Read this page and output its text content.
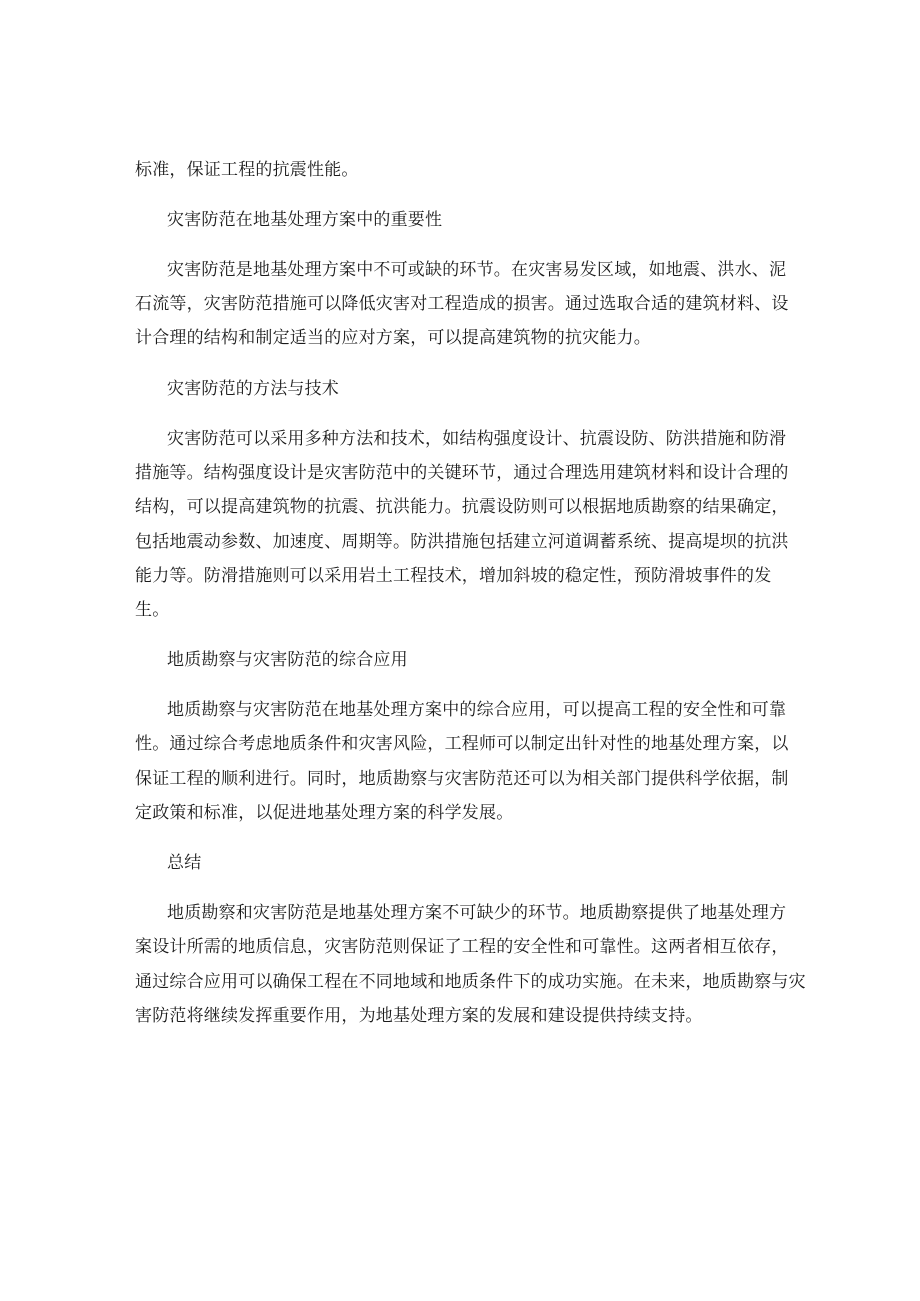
标准，保证工程的抗震性能。
灾害防范在地基处理方案中的重要性
灾害防范是地基处理方案中不可或缺的环节。在灾害易发区域，如地震、洪水、泥
石流等，灾害防范措施可以降低灾害对工程造成的损害。通过选取合适的建筑材料、设
计合理的结构和制定适当的应对方案，可以提高建筑物的抗灾能力。
灾害防范的方法与技术
灾害防范可以采用多种方法和技术，如结构强度设计、抗震设防、防洪措施和防滑
措施等。结构强度设计是灾害防范中的关键环节，通过合理选用建筑材料和设计合理的
结构，可以提高建筑物的抗震、抗洪能力。抗震设防则可以根据地质勘察的结果确定，
包括地震动参数、加速度、周期等。防洪措施包括建立河道调蓄系统、提高堤坝的抗洪
能力等。防滑措施则可以采用岩土工程技术，增加斜坡的稳定性，预防滑坡事件的发
生。
地质勘察与灾害防范的综合应用
地质勘察与灾害防范在地基处理方案中的综合应用，可以提高工程的安全性和可靠
性。通过综合考虑地质条件和灾害风险，工程师可以制定出针对性的地基处理方案，以
保证工程的顺利进行。同时，地质勘察与灾害防范还可以为相关部门提供科学依据，制
定政策和标准，以促进地基处理方案的科学发展。
总结
地质勘察和灾害防范是地基处理方案不可缺少的环节。地质勘察提供了地基处理方
案设计所需的地质信息，灾害防范则保证了工程的安全性和可靠性。这两者相互依存，
通过综合应用可以确保工程在不同地域和地质条件下的成功实施。在未来，地质勘察与灾
害防范将继续发挥重要作用，为地基处理方案的发展和建设提供持续支持。
